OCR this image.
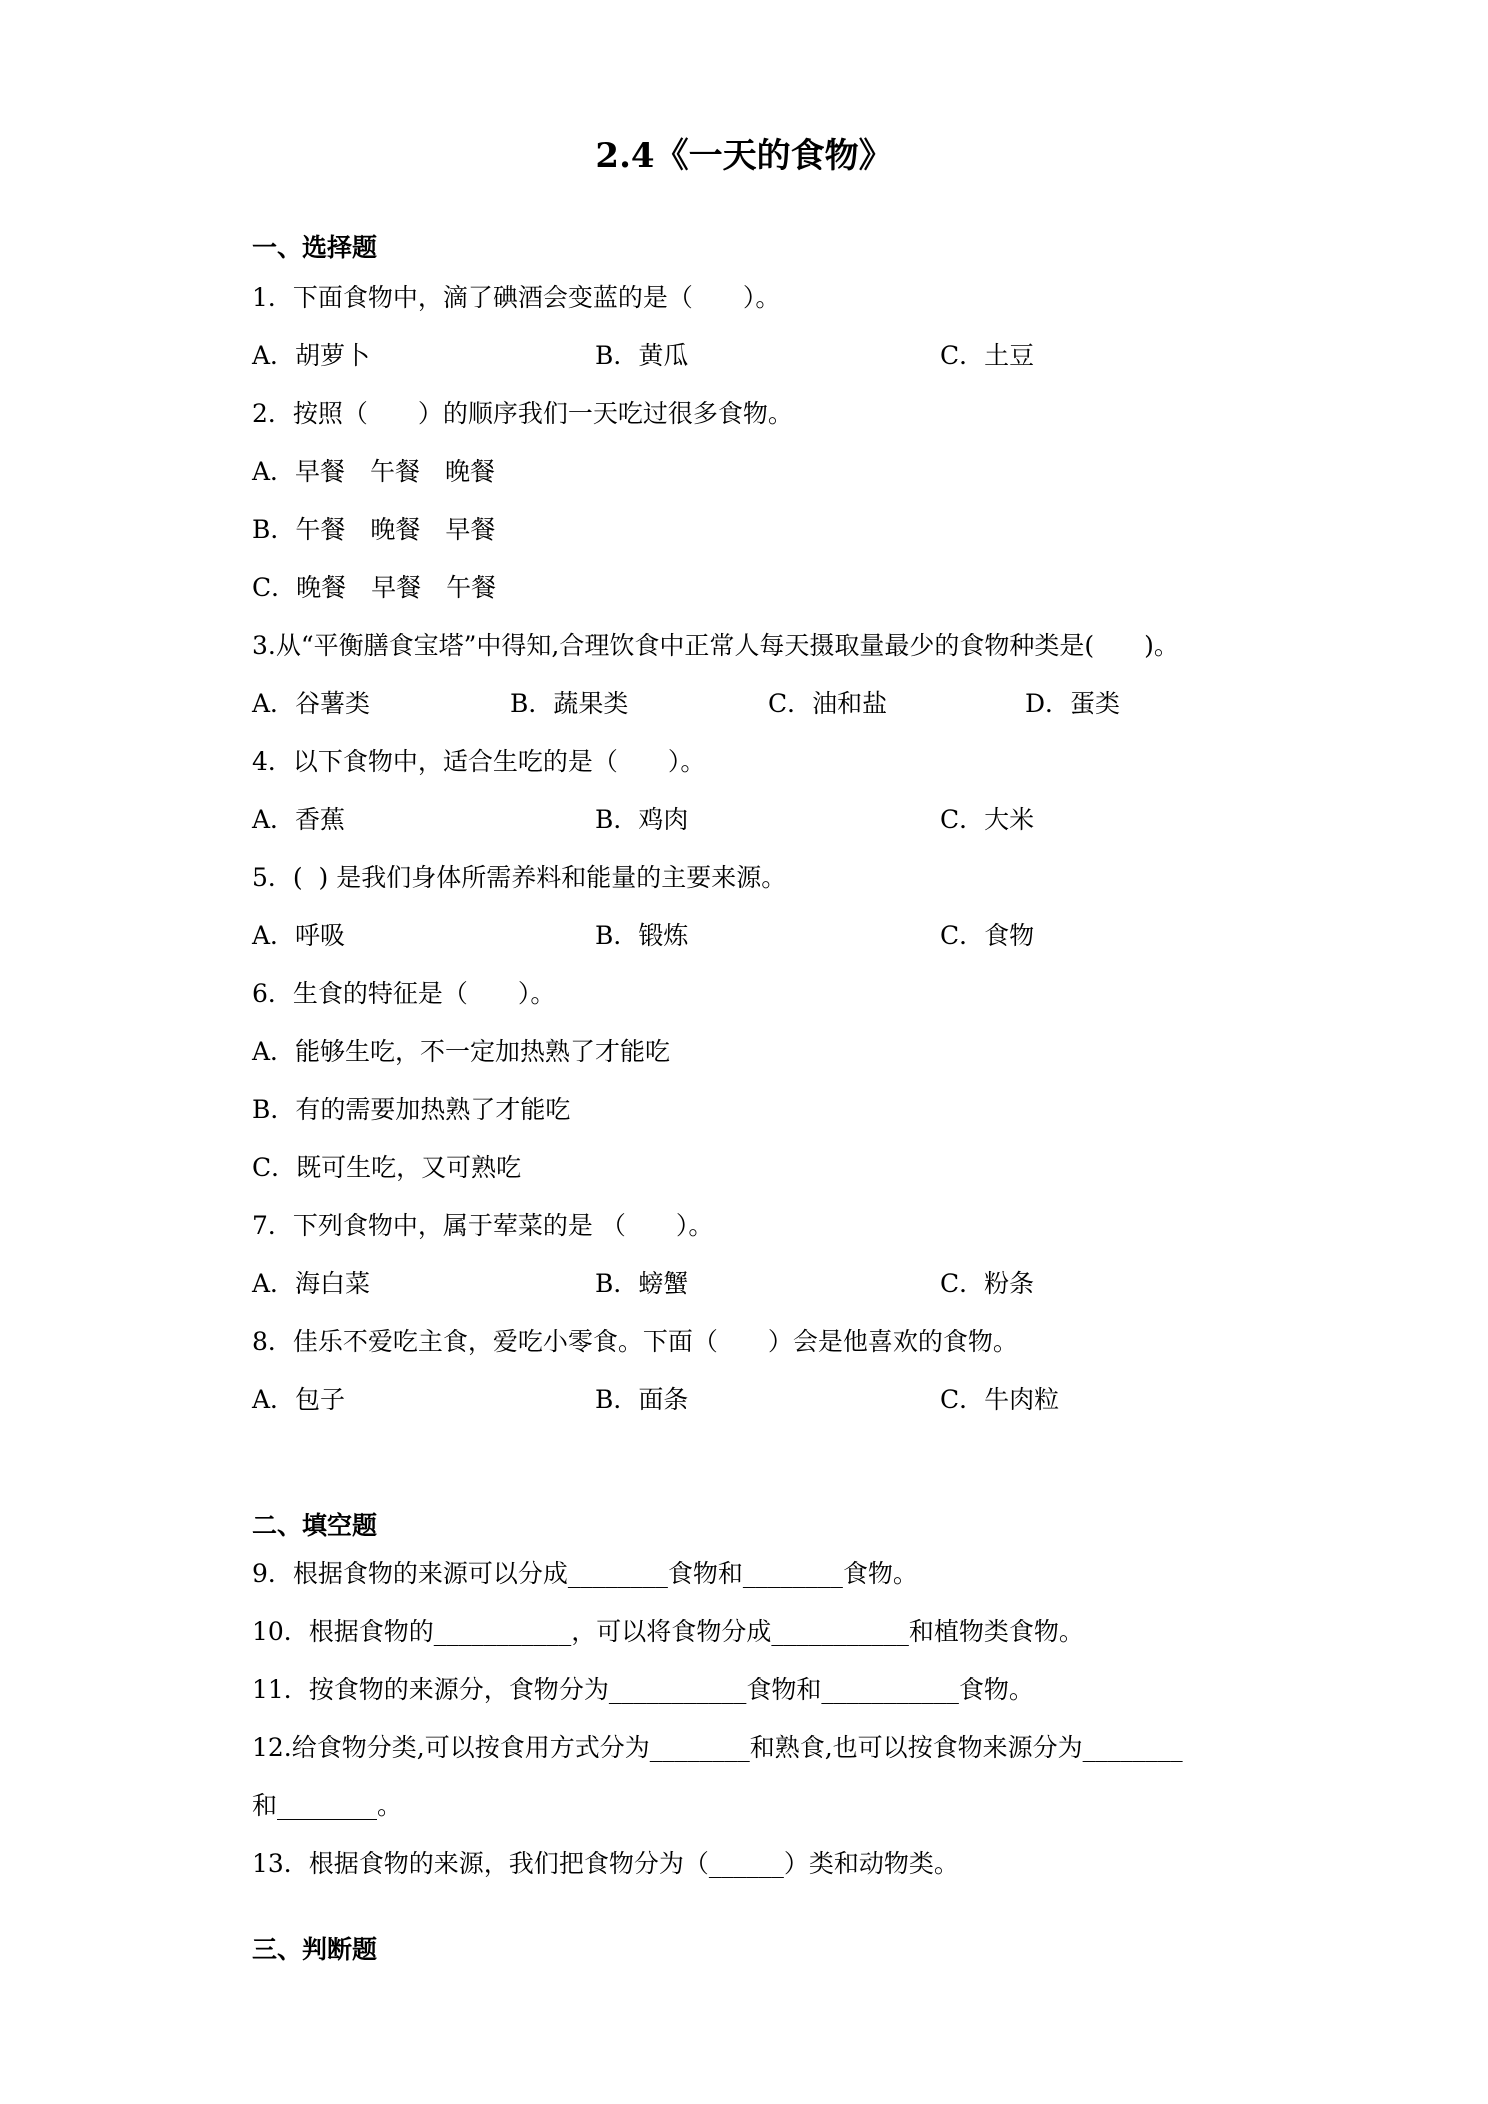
2.4《一天的食物》
一、选择题
1．下面食物中，滴了碘酒会变蓝的是（　　）。
A．胡萝卜	B．黄瓜	C．土豆
2．按照（　　）的顺序我们一天吃过很多食物。
A．早餐　午餐　晚餐
B．午餐　晚餐　早餐
C．晚餐　早餐　午餐
3.从“平衡膳食宝塔”中得知,合理饮食中正常人每天摄取量最少的食物种类是(　　)。
A．谷薯类	B．蔬果类	C．油和盐	D．蛋类
4．以下食物中，适合生吃的是（　　）。
A．香蕉	B．鸡肉	C．大米
5．(  ) 是我们身体所需养料和能量的主要来源。
A．呼吸	B．锻炼	C．食物
6．生食的特征是（　　）。
A．能够生吃，不一定加热熟了才能吃
B．有的需要加热熟了才能吃
C．既可生吃，又可熟吃
7．下列食物中，属于荤菜的是 （　　）。
A．海白菜	B．螃蟹	C．粉条
8．佳乐不爱吃主食，爱吃小零食。下面（　　）会是他喜欢的食物。
A．包子	B．面条	C．牛肉粒
二、填空题
9．根据食物的来源可以分成________食物和________食物。
10．根据食物的___________，可以将食物分成___________和植物类食物。
11．按食物的来源分，食物分为___________食物和___________食物。
12.给食物分类,可以按食用方式分为________和熟食,也可以按食物来源分为________
和________。
13．根据食物的来源，我们把食物分为（______）类和动物类。
三、判断题
